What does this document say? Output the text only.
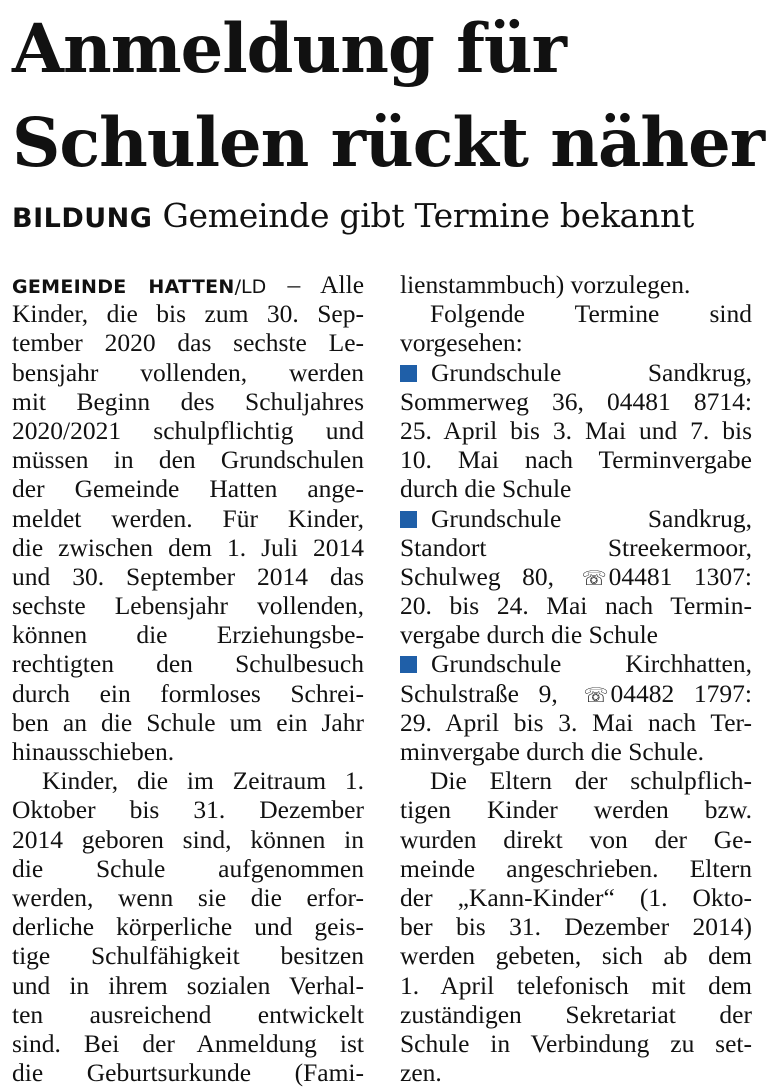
Anmeldung für
Schulen rückt näher
BILDUNG Gemeinde gibt Termine bekannt
GEMEINDE HATTEN/LD – Alle
Kinder, die bis zum 30. Sep-
tember 2020 das sechste Le-
bensjahr vollenden, werden
mit Beginn des Schuljahres
2020/2021 schulpflichtig und
müssen in den Grundschulen
der Gemeinde Hatten ange-
meldet werden. Für Kinder,
die zwischen dem 1. Juli 2014
und 30. September 2014 das
sechste Lebensjahr vollenden,
können die Erziehungsbe-
rechtigten den Schulbesuch
durch ein formloses Schrei-
ben an die Schule um ein Jahr
hinausschieben.
Kinder, die im Zeitraum 1.
Oktober bis 31. Dezember
2014 geboren sind, können in
die Schule aufgenommen
werden, wenn sie die erfor-
derliche körperliche und geis-
tige Schulfähigkeit besitzen
und in ihrem sozialen Verhal-
ten ausreichend entwickelt
sind. Bei der Anmeldung ist
die Geburtsurkunde (Fami-
lienstammbuch) vorzulegen.
Folgende Termine sind
vorgesehen:
Grundschule Sandkrug,
Sommerweg 36, 04481 8714:
25. April bis 3. Mai und 7. bis
10. Mai nach Terminvergabe
durch die Schule
Grundschule Sandkrug,
Standort Streekermoor,
Schulweg 80, ☏04481 1307:
20. bis 24. Mai nach Termin-
vergabe durch die Schule
Grundschule Kirchhatten,
Schulstraße 9, ☏04482 1797:
29. April bis 3. Mai nach Ter-
minvergabe durch die Schule.
Die Eltern der schulpflich-
tigen Kinder werden bzw.
wurden direkt von der Ge-
meinde angeschrieben. Eltern
der „Kann-Kinder“ (1. Okto-
ber bis 31. Dezember 2014)
werden gebeten, sich ab dem
1. April telefonisch mit dem
zuständigen Sekretariat der
Schule in Verbindung zu set-
zen.
